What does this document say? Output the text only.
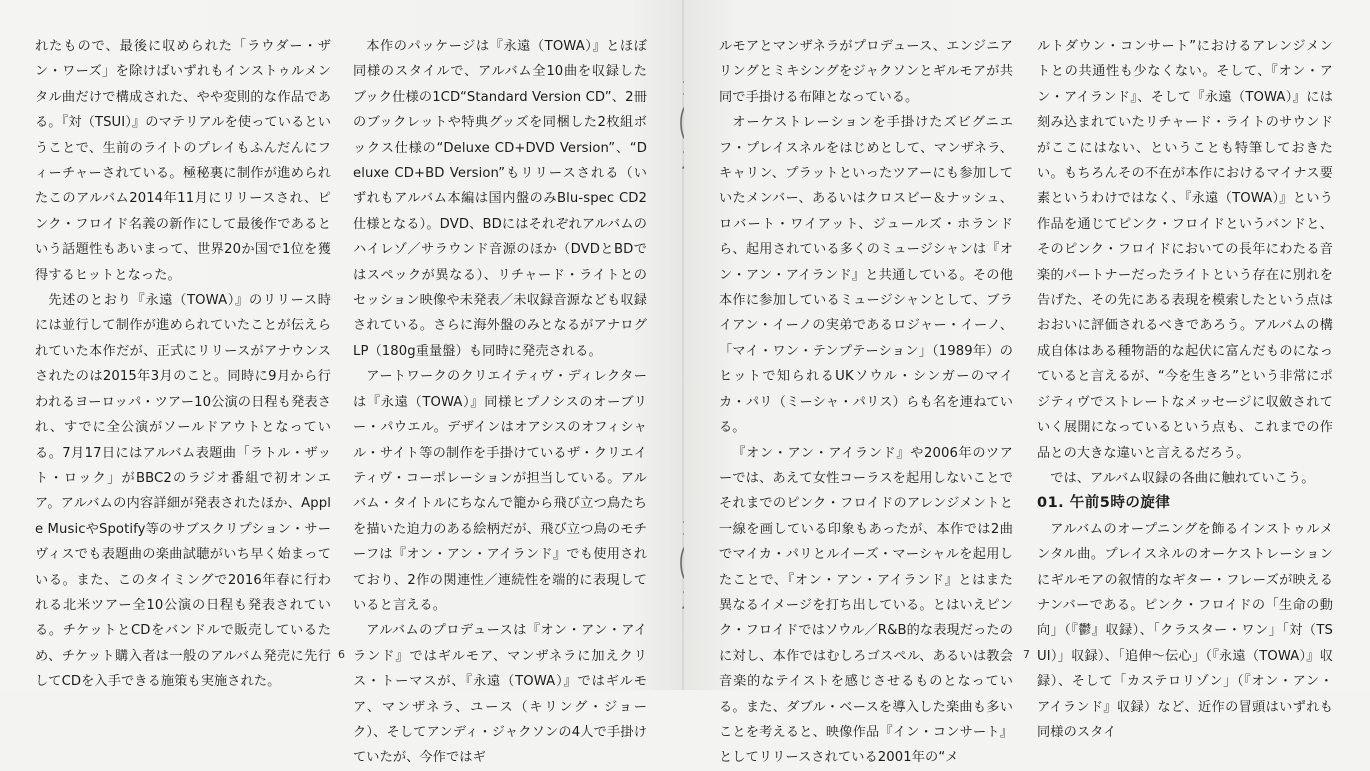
れたもので、最後に収められた「ラウダー・ザン・ワーズ」を除けばいずれもインストゥルメンタル曲だけで構成された、やや変則的な作品である。『対（TSUI）』のマテリアルを使っているということで、生前のライトのプレイもふんだんにフィーチャーされている。極秘裏に制作が進められたこのアルバム2014年11月にリリースされ、ピンク・フロイド名義の新作にして最後作であるという話題性もあいまって、世界20か国で1位を獲得するヒットとなった。

先述のとおり『永遠（TOWA）』のリリース時には並行して制作が進められていたことが伝えられていた本作だが、正式にリリースがアナウンスされたのは2015年3月のこと。同時に9月から行われるヨーロッパ・ツアー10公演の日程も発表され、すでに全公演がソールドアウトとなっている。7月17日にはアルバム表題曲「ラトル・ザット・ロック」がBBC2のラジオ番組で初オンエア。アルバムの内容詳細が発表されたほか、Apple MusicやSpotify等のサブスクリプション・サーヴィスでも表題曲の楽曲試聴がいち早く始まっている。また、このタイミングで2016年春に行われる北米ツアー全10公演の日程も発表されている。チケットとCDをバンドルで販売しているため、チケット購入者は一般のアルバム発売に先行してCDを入手できる施策も実施された。

本作のパッケージは『永遠（TOWA）』とほぼ同様のスタイルで、アルバム全10曲を収録したブック仕様の1CD“Standard Version CD”、2冊のブックレットや特典グッズを同梱した2枚組ボックス仕様の“Deluxe CD+DVD Version”、“Deluxe CD+BD Version”もリリースされる（いずれもアルバム本編は国内盤のみBlu-spec CD2仕様となる）。DVD、BDにはそれぞれアルバムのハイレゾ／サラウンド音源のほか（DVDとBDではスペックが異なる）、リチャード・ライトとのセッション映像や未発表／未収録音源なども収録されている。さらに海外盤のみとなるがアナログLP（180g重量盤）も同時に発売される。

アートワークのクリエイティヴ・ディレクターは『永遠（TOWA）』同様ヒプノシスのオーブリー・パウエル。デザインはオアシスのオフィシャル・サイト等の制作を手掛けているザ・クリエイティヴ・コーポレーションが担当している。アルバム・タイトルにちなんで籠から飛び立つ鳥たちを描いた迫力のある絵柄だが、飛び立つ鳥のモチーフは『オン・アン・アイランド』でも使用されており、2作の関連性／連続性を端的に表現していると言える。

アルバムのプロデュースは『オン・アン・アイランド』ではギルモア、マンザネラに加えクリス・トーマスが、『永遠（TOWA）』ではギルモア、マンザネラ、ユース（キリング・ジョーク）、そしてアンディ・ジャクソンの4人で手掛けていたが、今作ではギ

6

ルモアとマンザネラがプロデュース、エンジニアリングとミキシングをジャクソンとギルモアが共同で手掛ける布陣となっている。

オーケストレーションを手掛けたズビグニエフ・プレイスネルをはじめとして、マンザネラ、キャリン、プラットといったツアーにも参加していたメンバー、あるいはクロスビー＆ナッシュ、ロバート・ワイアット、ジュールズ・ホランドら、起用されている多くのミュージシャンは『オン・アン・アイランド』と共通している。その他本作に参加しているミュージシャンとして、ブライアン・イーノの実弟であるロジャー・イーノ、「マイ・ワン・テンプテーション」（1989年）のヒットで知られるUKソウル・シンガーのマイカ・パリ（ミーシャ・パリス）らも名を連ねている。

『オン・アン・アイランド』や2006年のツアーでは、あえて女性コーラスを起用しないことでそれまでのピンク・フロイドのアレンジメントと一線を画している印象もあったが、本作では2曲でマイカ・パリとルイーズ・マーシャルを起用したことで、『オン・アン・アイランド』とはまた異なるイメージを打ち出している。とはいえピンク・フロイドではソウル／R&B的な表現だったのに対し、本作ではむしろゴスペル、あるいは教会音楽的なテイストを感じさせるものとなっている。また、ダブル・ベースを導入した楽曲も多いことを考えると、映像作品『イン・コンサート』としてリリースされている2001年の“メ

ルトダウン・コンサート”におけるアレンジメントとの共通性も少なくない。そして、『オン・アン・アイランド』、そして『永遠（TOWA）』には刻み込まれていたリチャード・ライトのサウンドがここにはない、ということも特筆しておきたい。もちろんその不在が本作におけるマイナス要素というわけではなく、『永遠（TOWA）』という作品を通じてピンク・フロイドというバンドと、そのピンク・フロイドにおいての長年にわたる音楽的パートナーだったライトという存在に別れを告げた、その先にある表現を模索したという点はおおいに評価されるべきであろう。アルバムの構成自体はある種物語的な起伏に富んだものになっていると言えるが、“今を生きろ”という非常にポジティヴでストレートなメッセージに収斂されていく展開になっているという点も、これまでの作品との大きな違いと言えるだろう。

では、アルバム収録の各曲に触れていこう。

01. 午前5時の旋律

アルバムのオープニングを飾るインストゥルメンタル曲。プレイスネルのオーケストレーションにギルモアの叙情的なギター・フレーズが映えるナンバーである。ピンク・フロイドの「生命の動向」（『鬱』収録）、「クラスター・ワン」「対（TSUI）」収録）、「追伸〜伝心」（『永遠（TOWA）』収録）、そして「カステロリゾン」（『オン・アン・アイランド』収録）など、近作の冒頭はいずれも同様のスタイ

7
